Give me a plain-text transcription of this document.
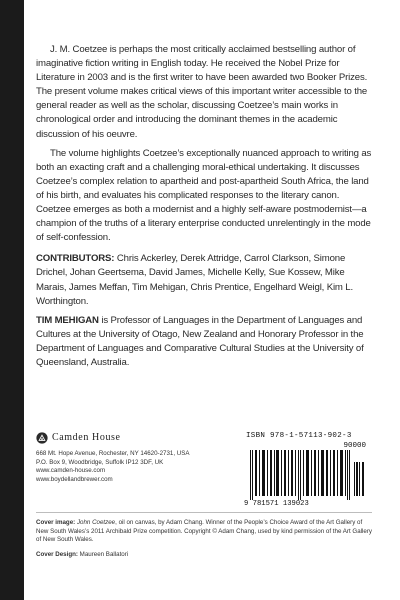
J. M. Coetzee is perhaps the most critically acclaimed bestselling author of imaginative fiction writing in English today. He received the Nobel Prize for Literature in 2003 and is the first writer to have been awarded two Booker Prizes. The present volume makes critical views of this important writer accessible to the general reader as well as the scholar, discussing Coetzee’s main works in chronological order and introducing the dominant themes in the academic discussion of his oeuvre.

The volume highlights Coetzee’s exceptionally nuanced approach to writing as both an exacting craft and a challenging moral-ethical undertaking. It discusses Coetzee’s complex relation to apartheid and post-apartheid South Africa, the land of his birth, and evaluates his complicated responses to the literary canon. Coetzee emerges as both a modernist and a highly self-aware postmodernist—a champion of the truths of a literary enterprise conducted unrelentingly in the mode of self-confession.

CONTRIBUTORS: Chris Ackerley, Derek Attridge, Carrol Clarkson, Simone Drichel, Johan Geertsema, David James, Michelle Kelly, Sue Kossew, Mike Marais, James Meffan, Tim Mehigan, Chris Prentice, Engelhard Weigl, Kim L. Worthington.
TIM MEHIGAN is Professor of Languages in the Department of Languages and Cultures at the University of Otago, New Zealand and Honorary Professor in the Department of Languages and Comparative Cultural Studies at the University of Queensland, Australia.
Camden House
668 Mt. Hope Avenue, Rochester, NY 14620-2731, USA
P.O. Box 9, Woodbridge, Suffolk IP12 3DF, UK
www.camden-house.com
www.boydellandbrewer.com
ISBN 978-1-57113-902-3
90000
9 781571 139023

Cover image: John Coetzee, oil on canvas, by Adam Chang. Winner of the People’s Choice Award of the Art Gallery of New South Wales’s 2011 Archibald Prize competition. Copyright © Adam Chang, used by kind permission of the Art Gallery of New South Wales.

Cover Design: Maureen Ballatori
